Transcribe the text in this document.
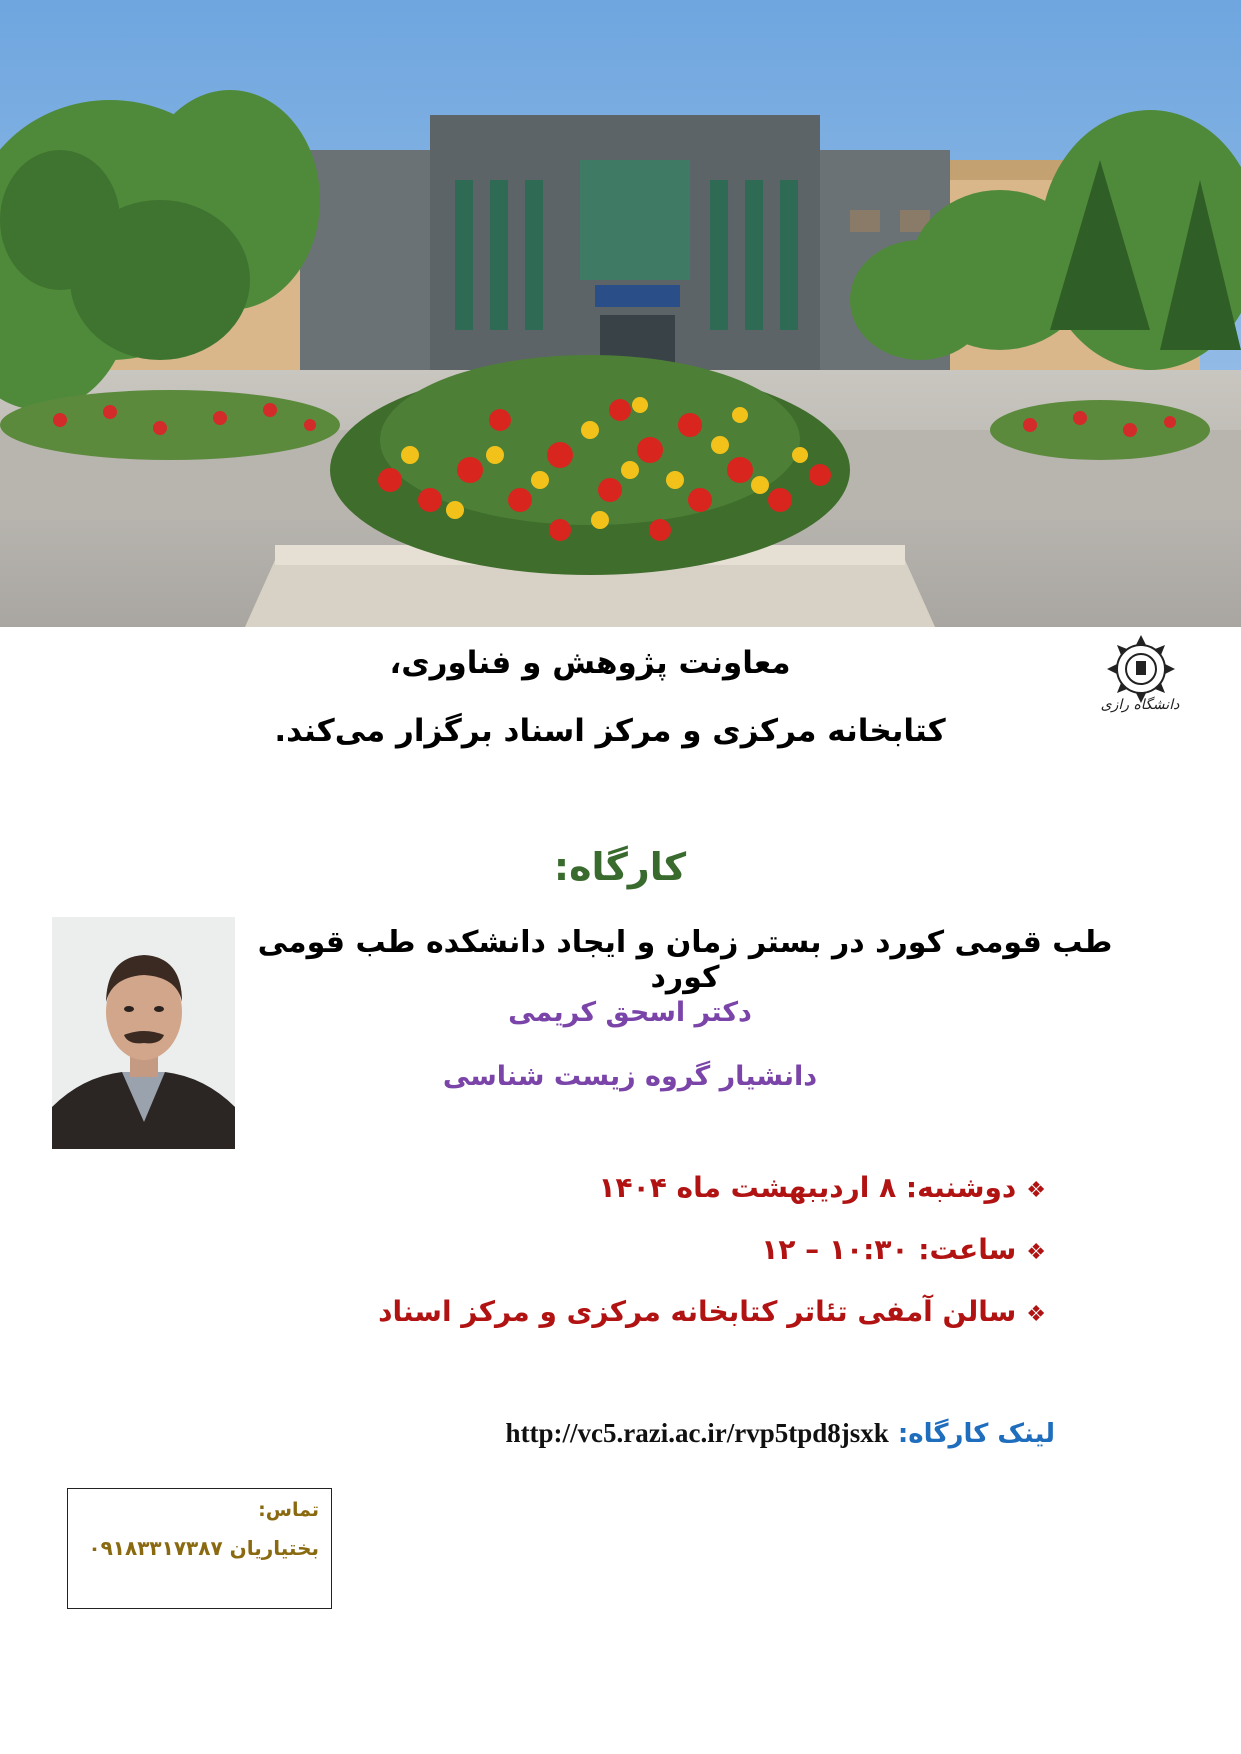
دانشگاه رازی
معاونت پژوهش و فناوری،
کتابخانه مرکزی و مرکز اسناد برگزار می‌کند.
کارگاه:
طب قومی کورد در بستر زمان و ایجاد دانشکده طب قومی کورد
دکتر اسحق کریمی
دانشیار گروه زیست شناسی
❖دوشنبه: ۸ اردیبهشت ماه ۱۴۰۴
❖ساعت: ۱۰:۳۰ – ۱۲
❖سالن آمفی تئاتر کتابخانه مرکزی و مرکز اسناد
لینک کارگاه: http://vc5.razi.ac.ir/rvp5tpd8jsxk
تماس:
بختیاریان ۰۹۱۸۳۳۱۷۳۸۷
